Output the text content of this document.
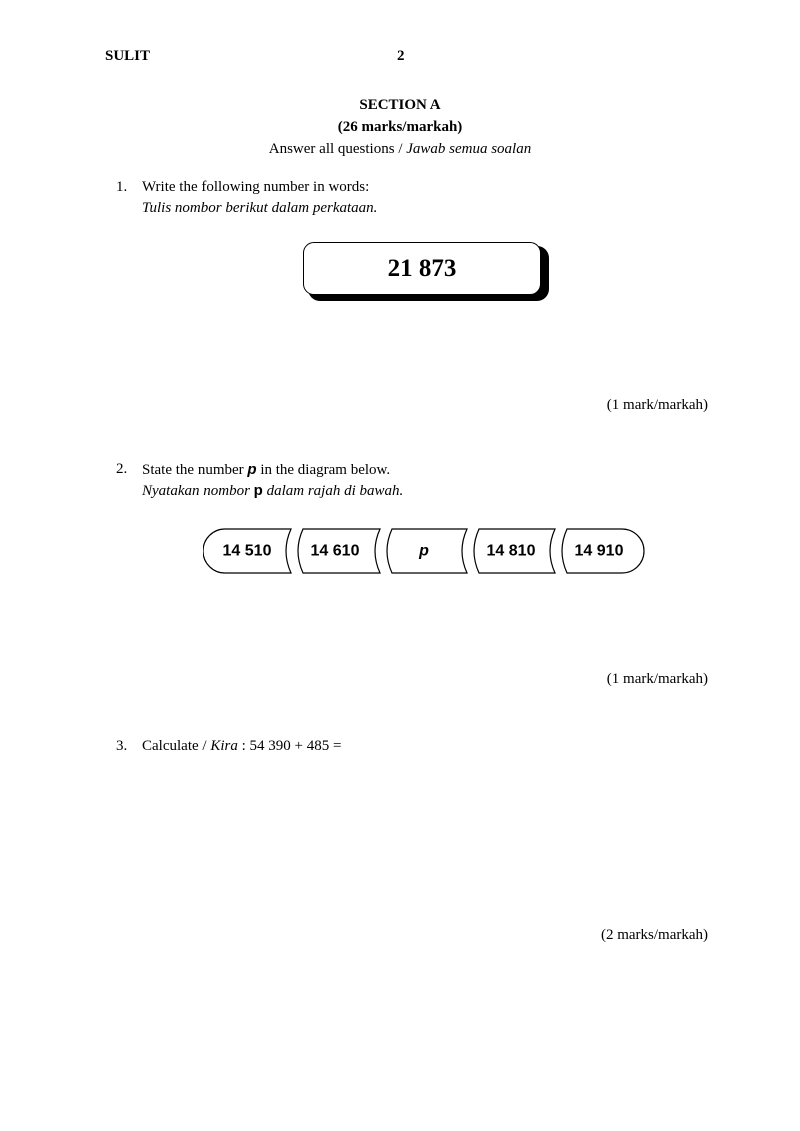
SULIT	2
SECTION A
(26 marks/markah)
Answer all questions / Jawab semua soalan
1. Write the following number in words:
Tulis nombor berikut dalam perkataan.
21 873
(1 mark/markah)
2. State the number p in the diagram below.
Nyatakan nombor p dalam rajah di bawah.
14 510 14 610	p	14 810 14 910
(1 mark/markah)
3. Calculate / Kira : 54 390 + 485 =
(2 marks/markah)
